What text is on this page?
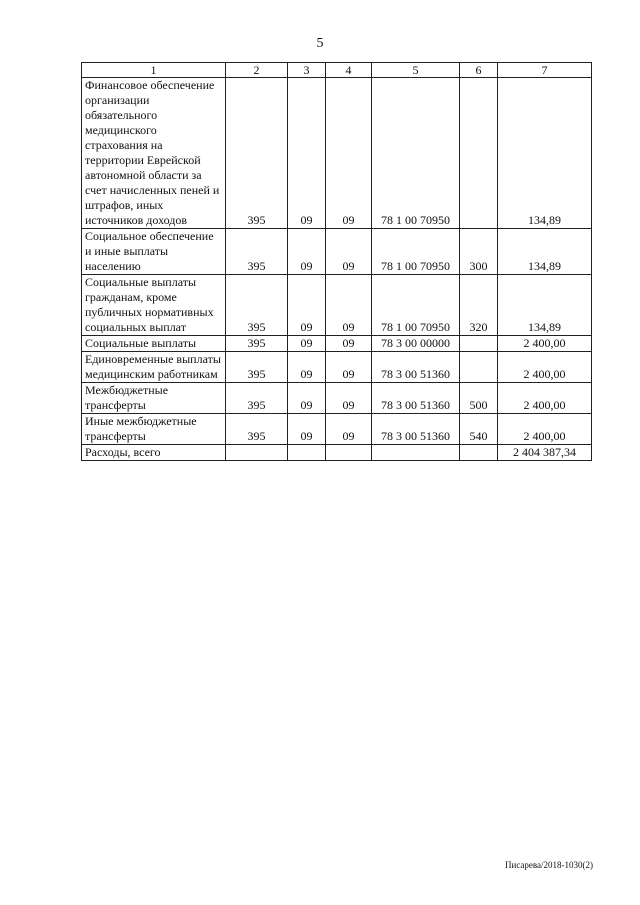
5
1	2	3	4	5	6	7
Финансовое обеспечение организации обязательного медицинского страхования на территории Еврейской автономной области за счет начисленных пеней и штрафов, иных источников доходов	395	09	09	78 1 00 70950		134,89
Социальное обеспечение и иные выплаты населению	395	09	09	78 1 00 70950	300	134,89
Социальные выплаты гражданам, кроме публичных нормативных социальных выплат	395	09	09	78 1 00 70950	320	134,89
Социальные выплаты	395	09	09	78 3 00 00000		2 400,00
Единовременные выплаты медицинским работникам	395	09	09	78 3 00 51360		2 400,00
Межбюджетные трансферты	395	09	09	78 3 00 51360	500	2 400,00
Иные межбюджетные трансферты	395	09	09	78 3 00 51360	540	2 400,00
Расходы, всего						2 404 387,34
Писарева/2018-1030(2)
